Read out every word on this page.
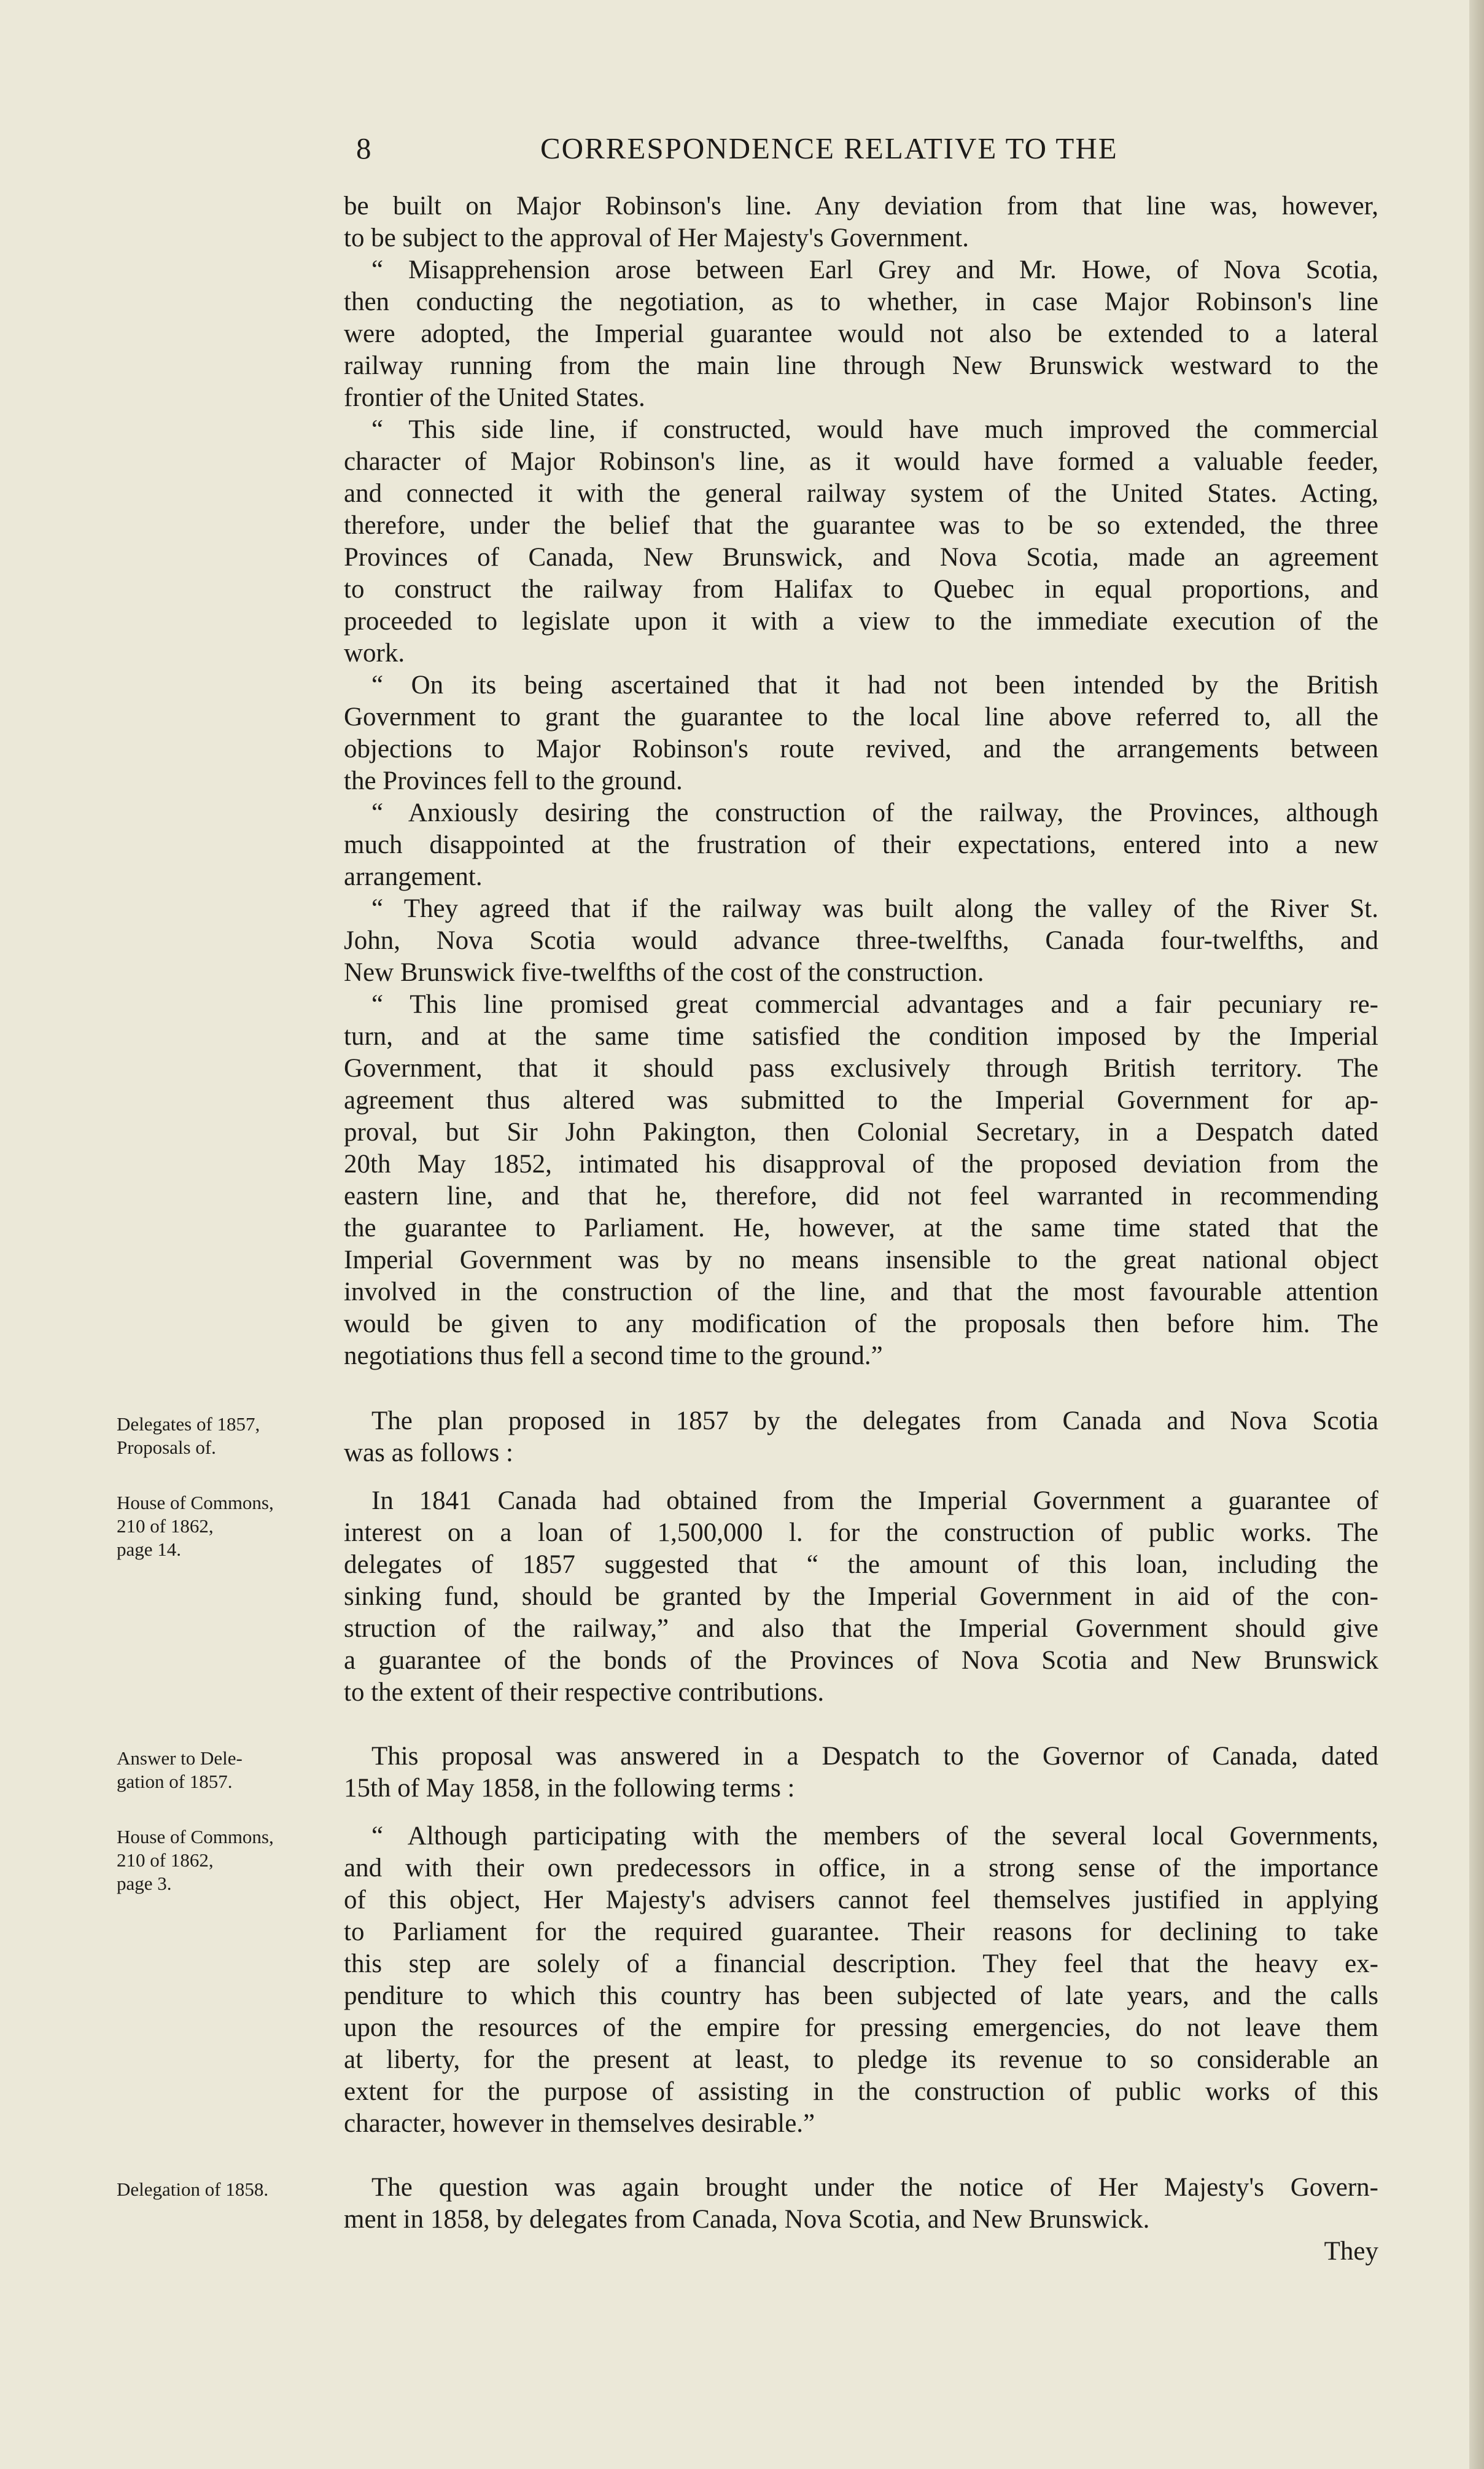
8	CORRESPONDENCE RELATIVE TO THE
be built on Major Robinson's line. Any deviation from that line was, however,
to be subject to the approval of Her Majesty's Government.
“ Misapprehension arose between Earl Grey and Mr. Howe, of Nova Scotia,
then conducting the negotiation, as to whether, in case Major Robinson's line
were adopted, the Imperial guarantee would not also be extended to a lateral
railway running from the main line through New Brunswick westward to the
frontier of the United States.
“ This side line, if constructed, would have much improved the commercial
character of Major Robinson's line, as it would have formed a valuable feeder,
and connected it with the general railway system of the United States. Acting,
therefore, under the belief that the guarantee was to be so extended, the three
Provinces of Canada, New Brunswick, and Nova Scotia, made an agreement
to construct the railway from Halifax to Quebec in equal proportions, and
proceeded to legislate upon it with a view to the immediate execution of the
work.
“ On its being ascertained that it had not been intended by the British
Government to grant the guarantee to the local line above referred to, all the
objections to Major Robinson's route revived, and the arrangements between
the Provinces fell to the ground.
“ Anxiously desiring the construction of the railway, the Provinces, although
much disappointed at the frustration of their expectations, entered into a new
arrangement.
“ They agreed that if the railway was built along the valley of the River St.
John, Nova Scotia would advance three-twelfths, Canada four-twelfths, and
New Brunswick five-twelfths of the cost of the construction.
“ This line promised great commercial advantages and a fair pecuniary re-
turn, and at the same time satisfied the condition imposed by the Imperial
Government, that it should pass exclusively through British territory. The
agreement thus altered was submitted to the Imperial Government for ap-
proval, but Sir John Pakington, then Colonial Secretary, in a Despatch dated
20th May 1852, intimated his disapproval of the proposed deviation from the
eastern line, and that he, therefore, did not feel warranted in recommending
the guarantee to Parliament. He, however, at the same time stated that the
Imperial Government was by no means insensible to the great national object
involved in the construction of the line, and that the most favourable attention
would be given to any modification of the proposals then before him. The
negotiations thus fell a second time to the ground.”
The plan proposed in 1857 by the delegates from Canada and Nova Scotia
was as follows :
In 1841 Canada had obtained from the Imperial Government a guarantee of
interest on a loan of 1,500,000 l. for the construction of public works. The
delegates of 1857 suggested that “ the amount of this loan, including the
sinking fund, should be granted by the Imperial Government in aid of the con-
struction of the railway,” and also that the Imperial Government should give
a guarantee of the bonds of the Provinces of Nova Scotia and New Brunswick
to the extent of their respective contributions.
This proposal was answered in a Despatch to the Governor of Canada, dated
15th of May 1858, in the following terms :
“ Although participating with the members of the several local Governments,
and with their own predecessors in office, in a strong sense of the importance
of this object, Her Majesty's advisers cannot feel themselves justified in applying
to Parliament for the required guarantee. Their reasons for declining to take
this step are solely of a financial description. They feel that the heavy ex-
penditure to which this country has been subjected of late years, and the calls
upon the resources of the empire for pressing emergencies, do not leave them
at liberty, for the present at least, to pledge its revenue to so considerable an
extent for the purpose of assisting in the construction of public works of this
character, however in themselves desirable.”
The question was again brought under the notice of Her Majesty's Govern-
ment in 1858, by delegates from Canada, Nova Scotia, and New Brunswick.
They
Delegates of 1857,
Proposals of.
House of Commons,
210 of 1862,
page 14.
Answer to Dele-
gation of 1857.
House of Commons,
210 of 1862,
page 3.
Delegation of 1858.
